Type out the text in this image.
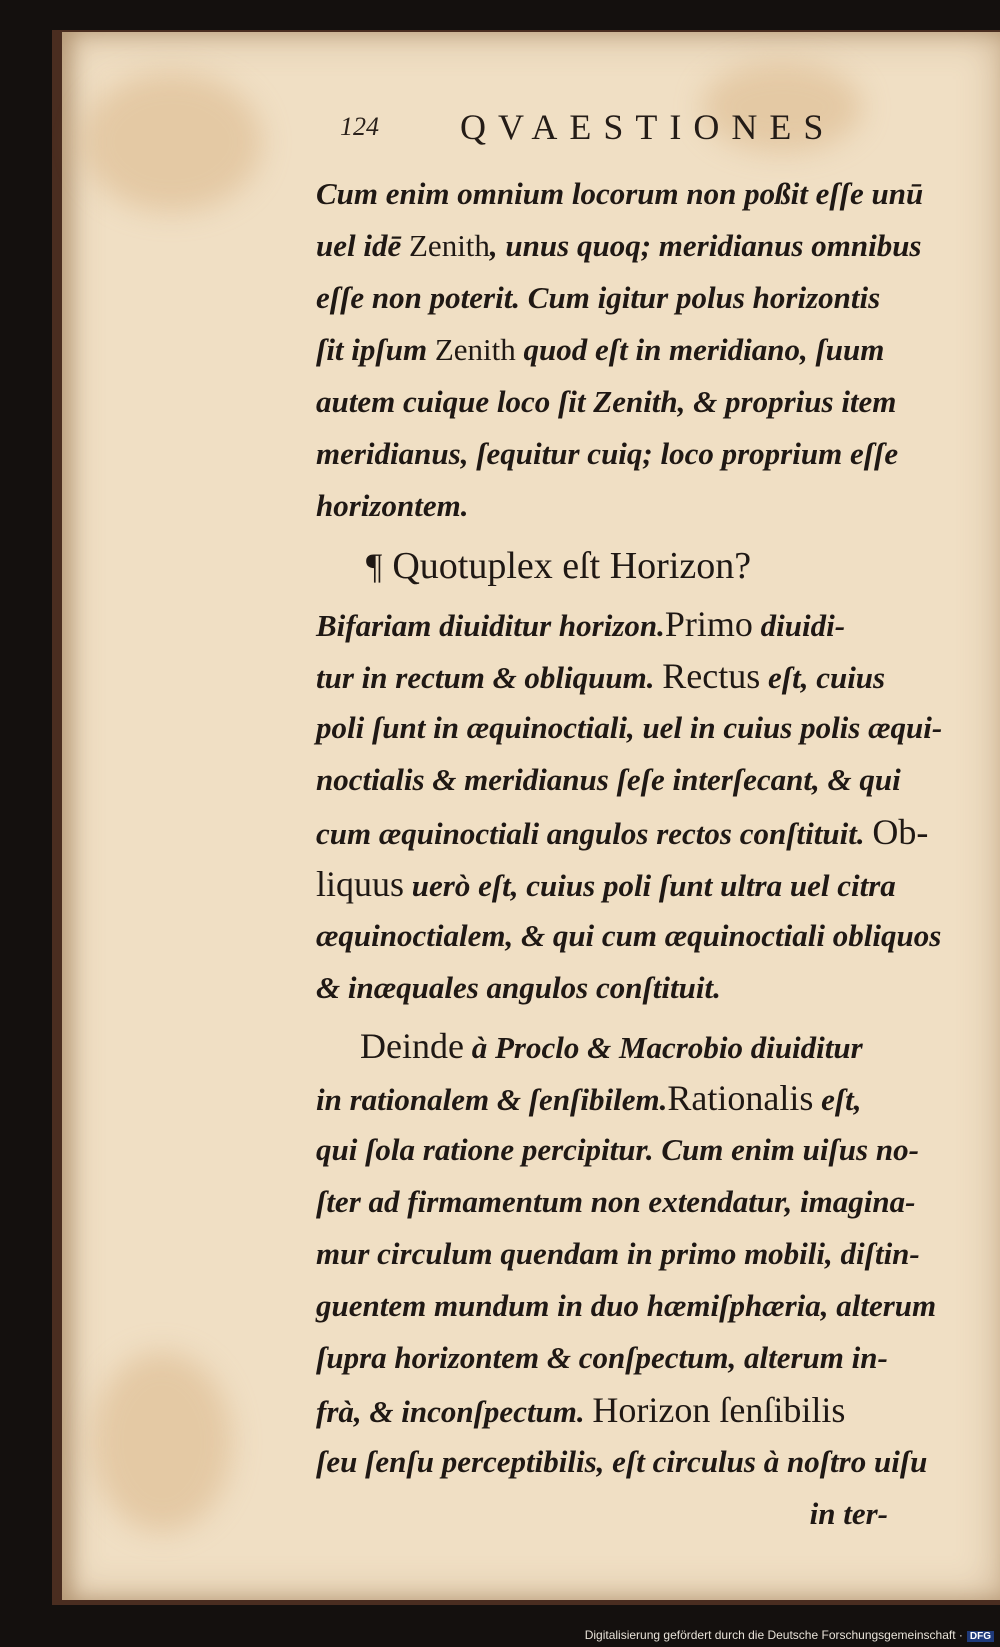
124 QVAESTIONES
Cum enim omnium locorum non poßit eſſe unū
uel idē Zenith, unus quoq; meridianus omnibus
eſſe non poterit. Cum igitur polus horizontis
ſit ipſum Zenith quod eſt in meridiano, ſuum
autem cuique loco ſit Zenith, & proprius item
meridianus, ſequitur cuiq; loco proprium eſſe
horizontem.
¶ Quotuplex eſt Horizon?
Bifariam diuiditur horizon.Primo diuidi-
tur in rectum & obliquum. Rectus eſt, cuius
poli ſunt in æquinoctiali, uel in cuius polis æqui-
noctialis & meridianus ſeſe interſecant, & qui
cum æquinoctiali angulos rectos conſtituit. Ob-
liquus uerò eſt, cuius poli ſunt ultra uel citra
æquinoctialem, & qui cum æquinoctiali obliquos
& inæquales angulos conſtituit.
Deinde à Proclo & Macrobio diuiditur
in rationalem & ſenſibilem.Rationalis eſt,
qui ſola ratione percipitur. Cum enim uiſus no-
ſter ad firmamentum non extendatur, imagina-
mur circulum quendam in primo mobili, diſtin-
guentem mundum in duo hæmiſphæria, alterum
ſupra horizontem & conſpectum, alterum in-
frà, & inconſpectum. Horizon ſenſibilis
ſeu ſenſu perceptibilis, eſt circulus à noſtro uiſu
in ter-
Digitalisierung gefördert durch die Deutsche Forschungsgemeinschaft · DFG
